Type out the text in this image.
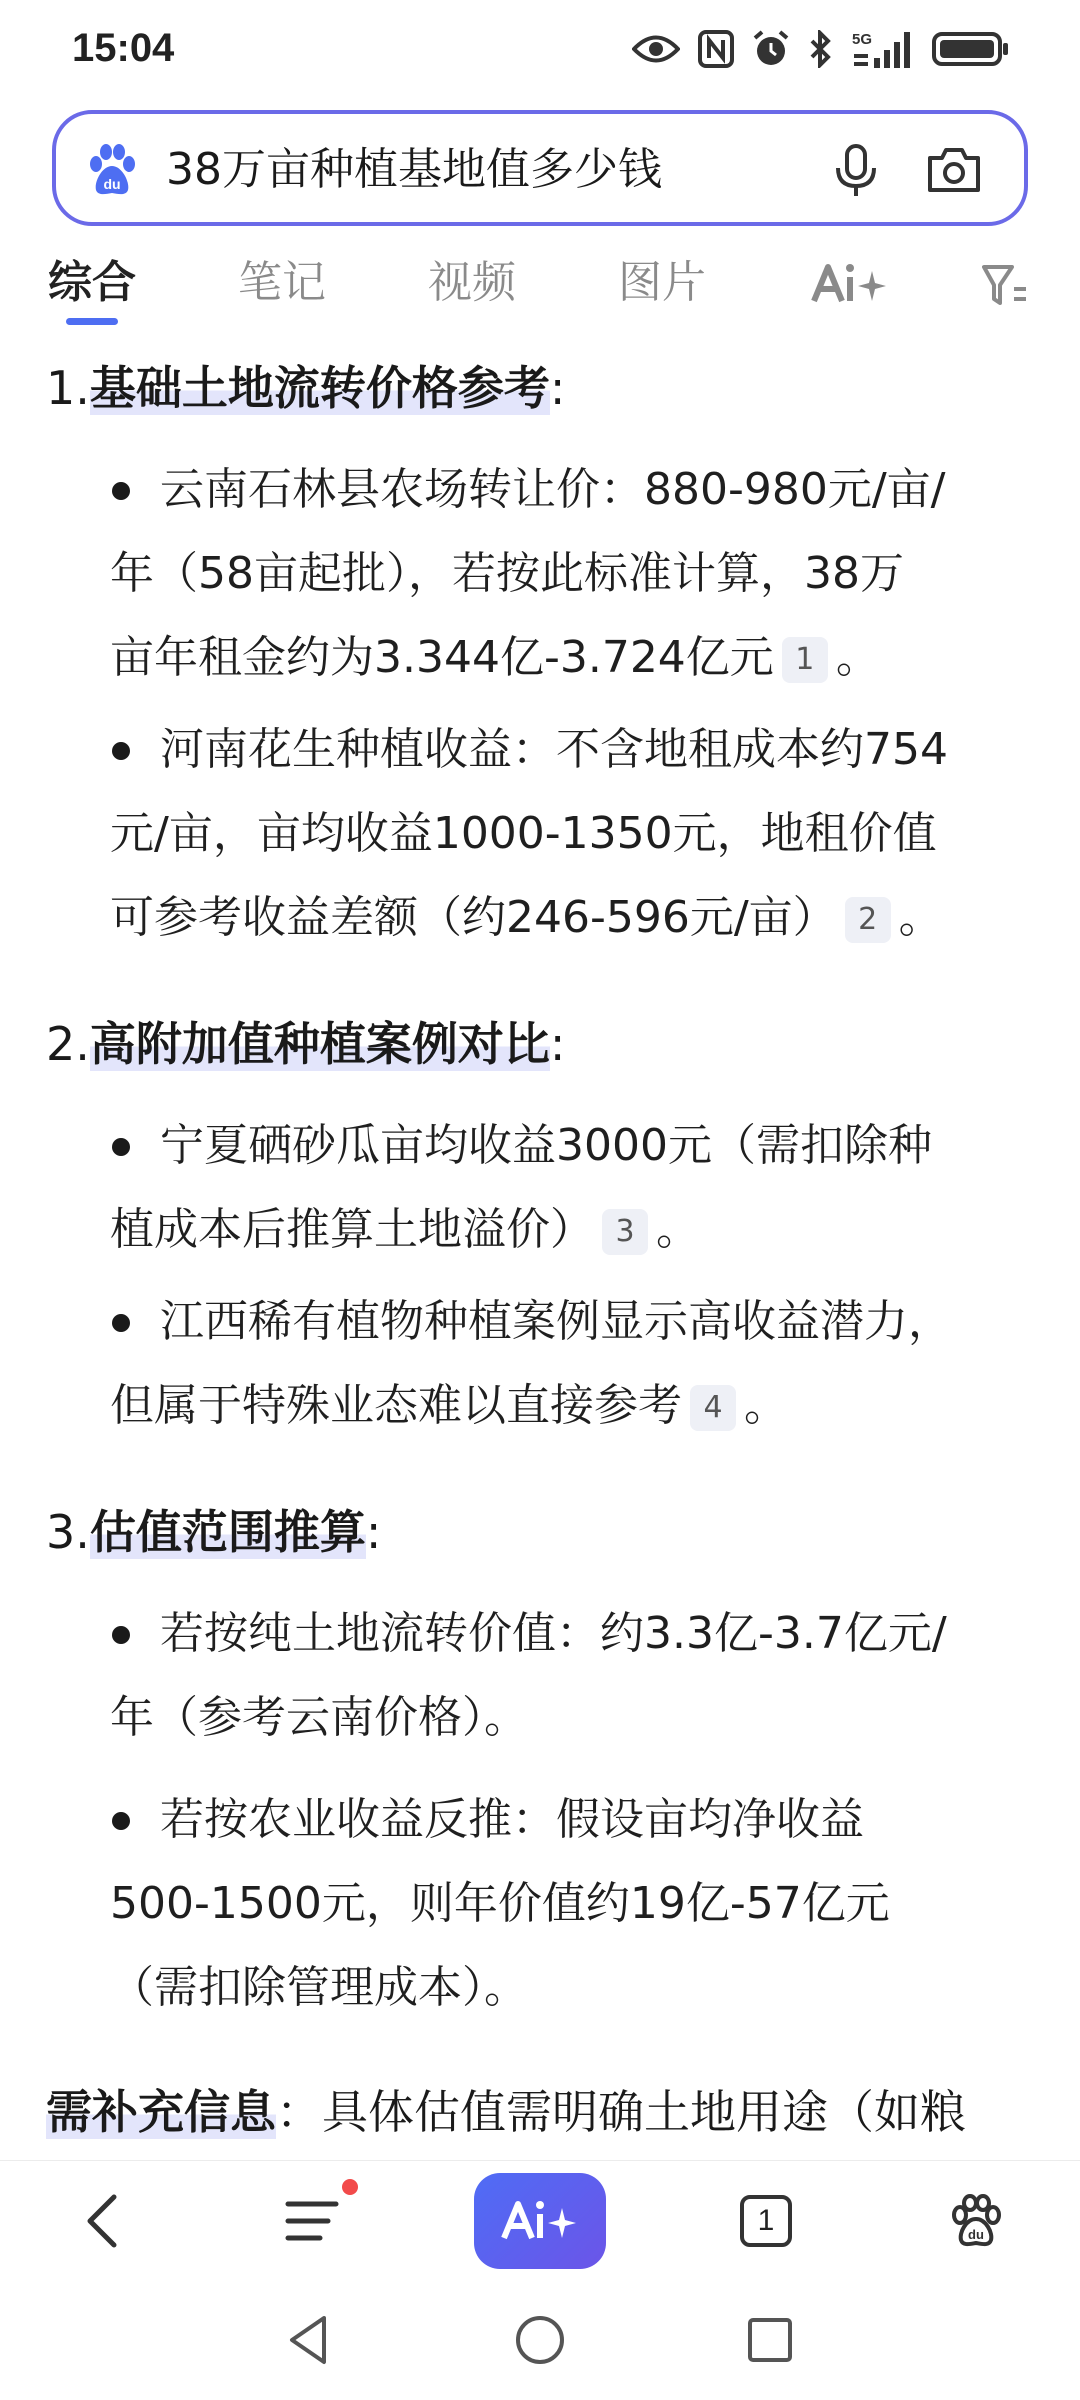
15:04	5G
du 38万亩种植基地值多少钱
综合 笔记 视频 图片
1.基础土地流转价格参考:
云南石林县农场转让价：880-980元/亩/
年（58亩起批），若按此标准计算，38万
亩年租金约为3.344亿-3.724亿元 1 。
河南花生种植收益：不含地租成本约754
元/亩，亩均收益1000-1350元，地租价值
可参考收益差额（约246-596元/亩） 2 。
2.高附加值种植案例对比:
宁夏硒砂瓜亩均收益3000元（需扣除种
植成本后推算土地溢价） 3 。
江西稀有植物种植案例显示高收益潜力，
但属于特殊业态难以直接参考 4 。
3.估值范围推算:
若按纯土地流转价值：约3.3亿-3.7亿元/
年（参考云南价格）。
若按农业收益反推：假设亩均净收益
500-1500元，则年价值约19亿-57亿元
（需扣除管理成本）。
需补充信息：具体估值需明确土地用途（如粮
1	du
